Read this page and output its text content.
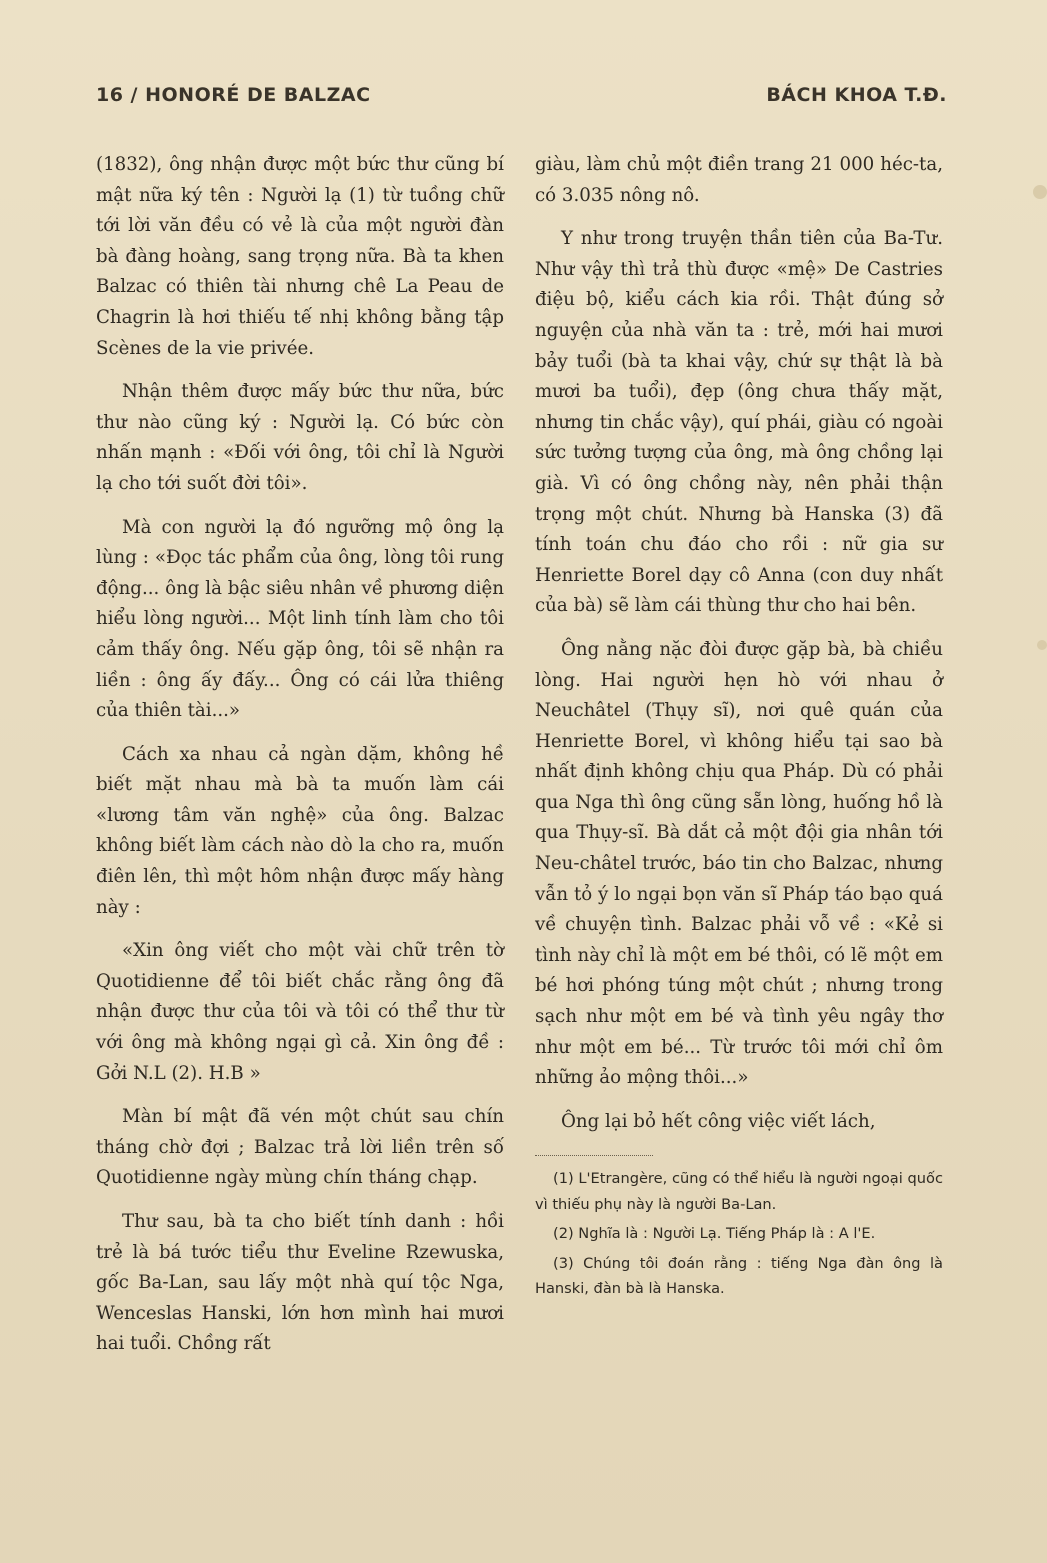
16 / HONORÉ DE BALZAC	BÁCH KHOA T.Đ.

(1832), ông nhận được một bức thư cũng bí mật nữa ký tên : Người lạ (1) từ tuồng chữ tới lời văn đều có vẻ là của một người đàn bà đàng hoàng, sang trọng nữa. Bà ta khen Balzac có thiên tài nhưng chê La Peau de Chagrin là hơi thiếu tế nhị không bằng tập Scènes de la vie privée.

Nhận thêm được mấy bức thư nữa, bức thư nào cũng ký : Người lạ. Có bức còn nhấn mạnh : «Đối với ông, tôi chỉ là Người lạ cho tới suốt đời tôi».

Mà con người lạ đó ngưỡng mộ ông lạ lùng : «Đọc tác phẩm của ông, lòng tôi rung động... ông là bậc siêu nhân về phương diện hiểu lòng người... Một linh tính làm cho tôi cảm thấy ông. Nếu gặp ông, tôi sẽ nhận ra liền : ông ấy đấy... Ông có cái lửa thiêng của thiên tài...»

Cách xa nhau cả ngàn dặm, không hề biết mặt nhau mà bà ta muốn làm cái «lương tâm văn nghệ» của ông. Balzac không biết làm cách nào dò la cho ra, muốn điên lên, thì một hôm nhận được mấy hàng này :

«Xin ông viết cho một vài chữ trên tờ Quotidienne để tôi biết chắc rằng ông đã nhận được thư của tôi và tôi có thể thư từ với ông mà không ngại gì cả. Xin ông đề : Gởi N.L (2). H.B »

Màn bí mật đã vén một chút sau chín tháng chờ đợi ; Balzac trả lời liền trên số Quotidienne ngày mùng chín tháng chạp.

Thư sau, bà ta cho biết tính danh : hồi trẻ là bá tước tiểu thư Eveline Rzewuska, gốc Ba-Lan, sau lấy một nhà quí tộc Nga, Wenceslas Hanski, lớn hơn mình hai mươi hai tuổi. Chồng rất

giàu, làm chủ một điền trang 21 000 héc-ta, có 3.035 nông nô.

Y như trong truyện thần tiên của Ba-Tư. Như vậy thì trả thù được «mệ» De Castries điệu bộ, kiểu cách kia rồi. Thật đúng sở nguyện của nhà văn ta : trẻ, mới hai mươi bảy tuổi (bà ta khai vậy, chứ sự thật là bà mươi ba tuổi), đẹp (ông chưa thấy mặt, nhưng tin chắc vậy), quí phái, giàu có ngoài sức tưởng tượng của ông, mà ông chồng lại già. Vì có ông chồng này, nên phải thận trọng một chút. Nhưng bà Hanska (3) đã tính toán chu đáo cho rồi : nữ gia sư Henriette Borel dạy cô Anna (con duy nhất của bà) sẽ làm cái thùng thư cho hai bên.

Ông nằng nặc đòi được gặp bà, bà chiều lòng. Hai người hẹn hò với nhau ở Neuchâtel (Thụy sĩ), nơi quê quán của Henriette Borel, vì không hiểu tại sao bà nhất định không chịu qua Pháp. Dù có phải qua Nga thì ông cũng sẵn lòng, huống hồ là qua Thụy-sĩ. Bà dắt cả một đội gia nhân tới Neu-châtel trước, báo tin cho Balzac, nhưng vẫn tỏ ý lo ngại bọn văn sĩ Pháp táo bạo quá về chuyện tình. Balzac phải vỗ về : «Kẻ si tình này chỉ là một em bé thôi, có lẽ một em bé hơi phóng túng một chút ; nhưng trong sạch như một em bé và tình yêu ngây thơ như một em bé... Từ trước tôi mới chỉ ôm những ảo mộng thôi...»

Ông lại bỏ hết công việc viết lách,

(1) L'Etrangère, cũng có thể hiểu là người ngoại quốc vì thiếu phụ này là người Ba-Lan.

(2) Nghĩa là : Người Lạ. Tiếng Pháp là : A l'E.

(3) Chúng tôi đoán rằng : tiếng Nga đàn ông là Hanski, đàn bà là Hanska.
